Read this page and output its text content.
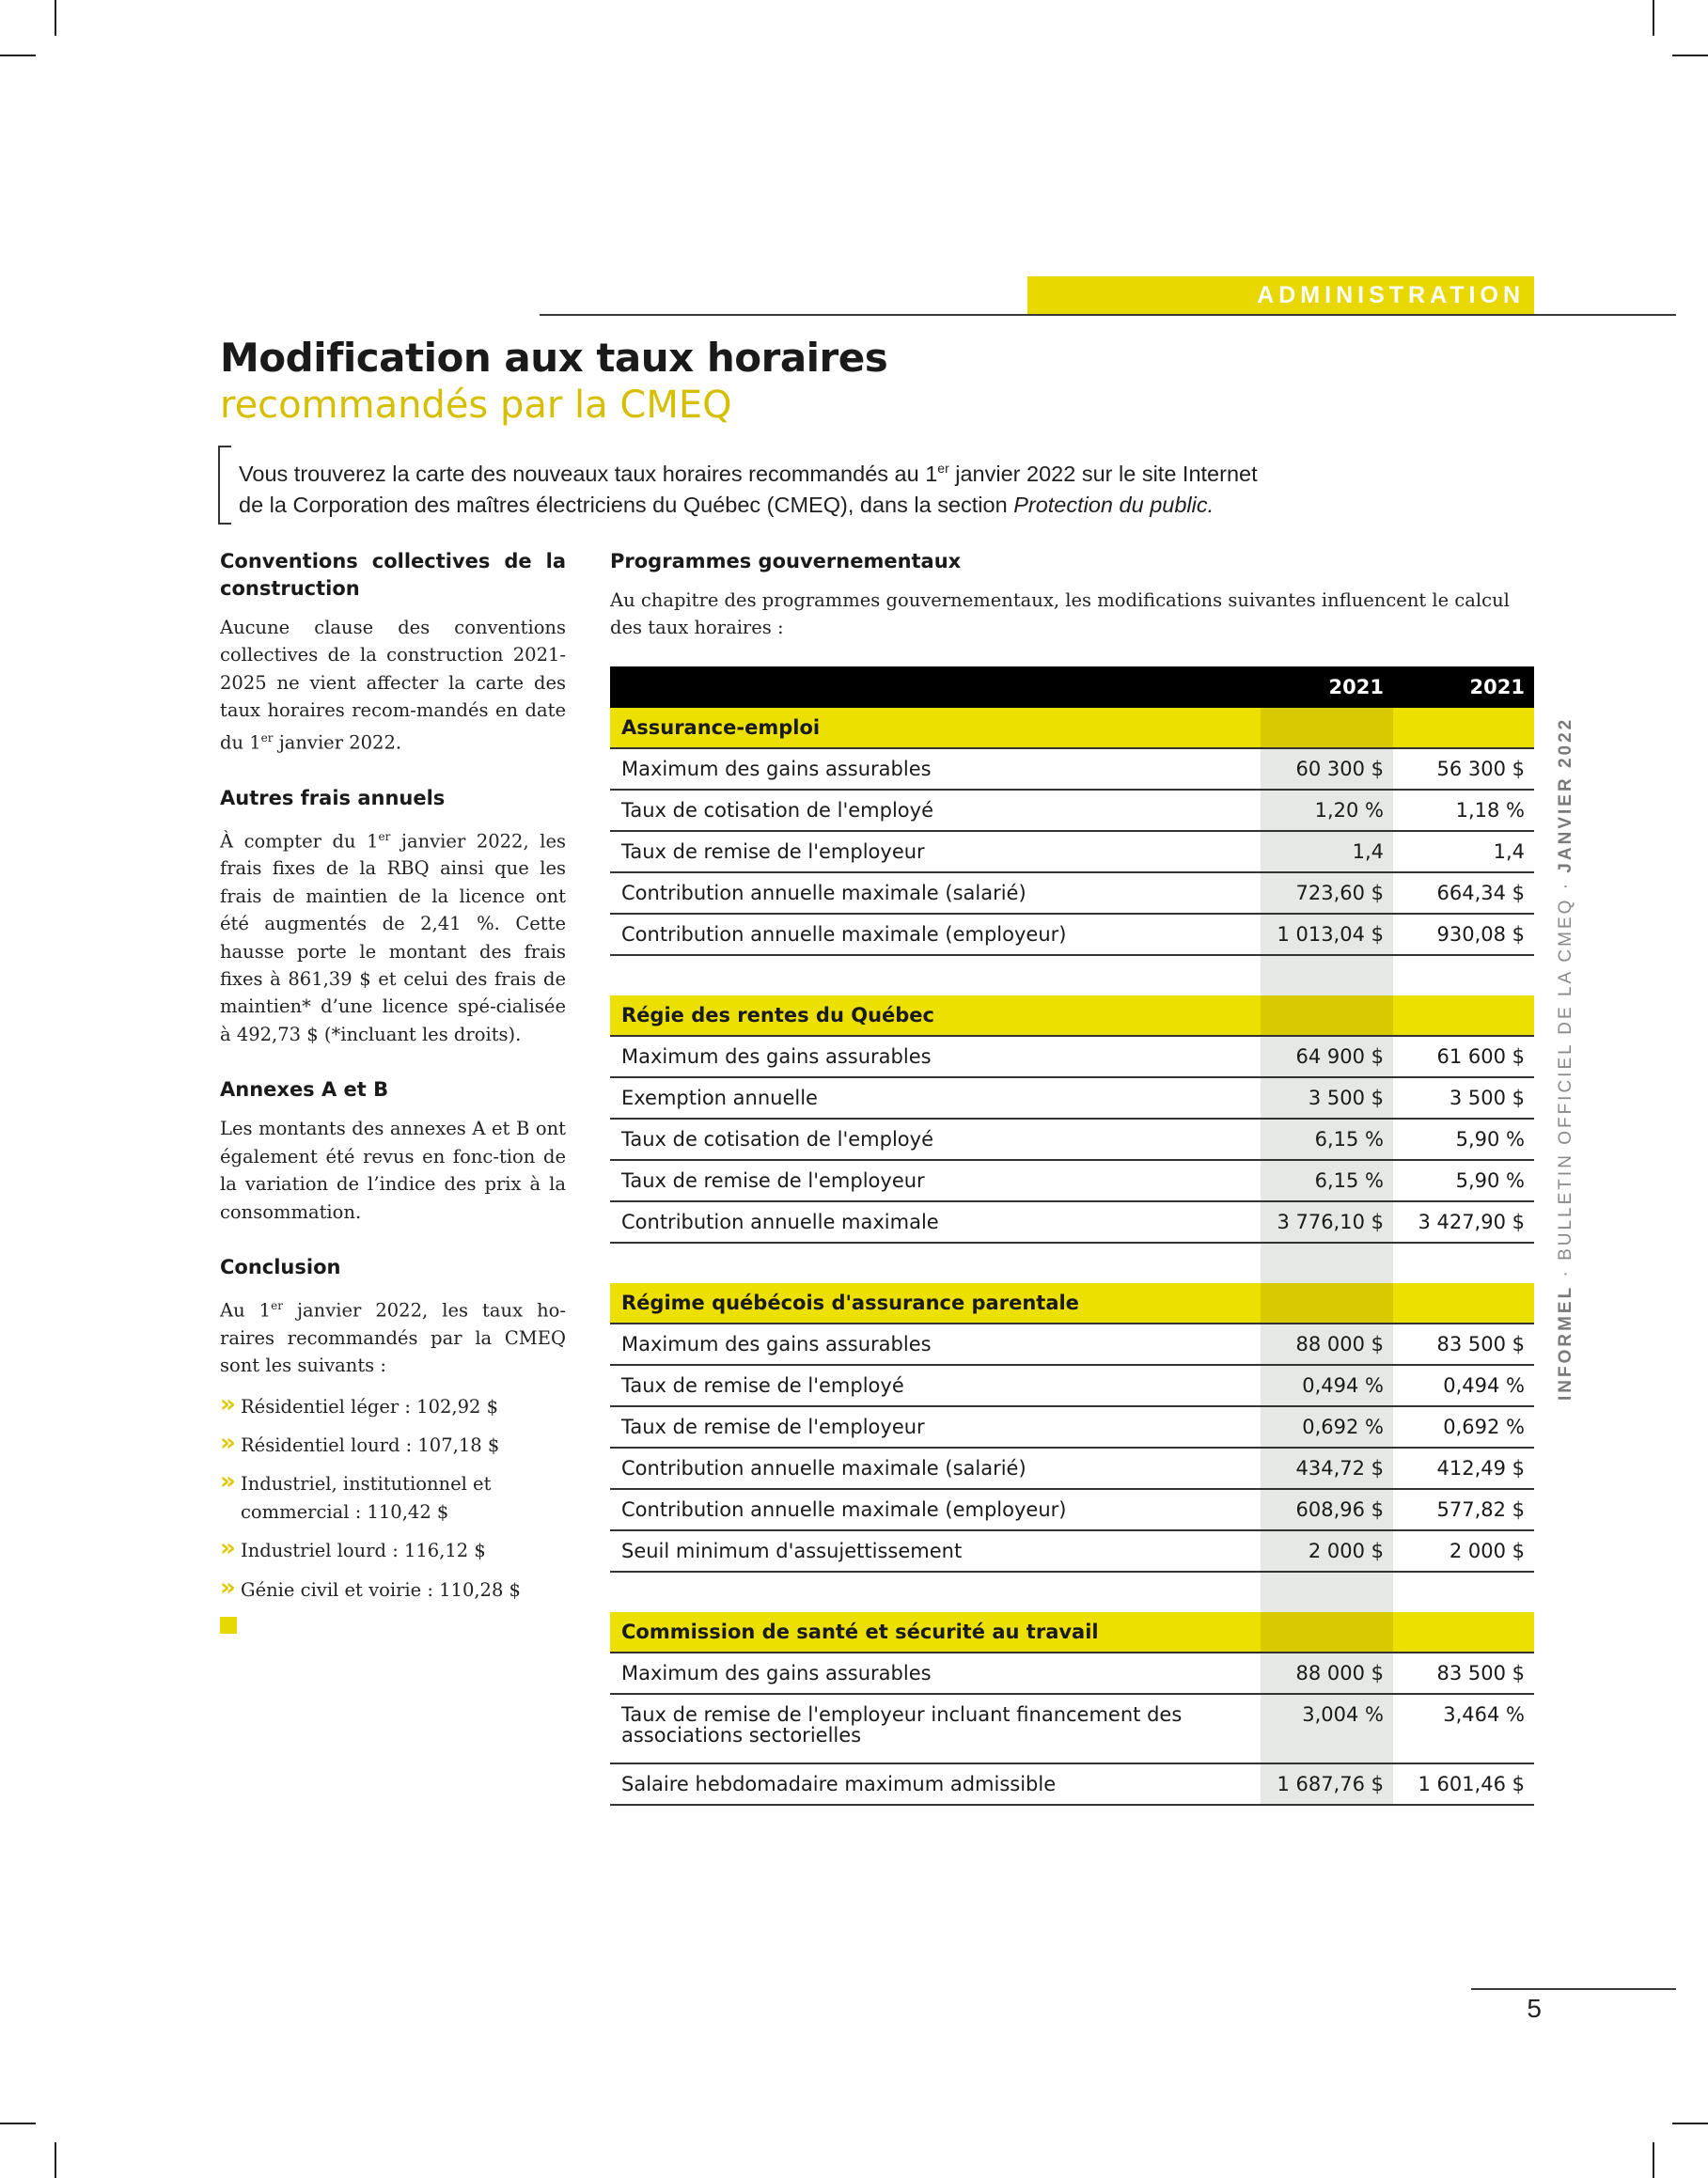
ADMINISTRATION
Modification aux taux horaires
recommandés par la CMEQ
Vous trouverez la carte des nouveaux taux horaires recommandés au 1er janvier 2022 sur le site Internet
de la Corporation des maîtres électriciens du Québec (CMEQ), dans la section Protection du public.
Conventions collectives de la construction

Aucune clause des conventions collectives de la construction 2021-2025 ne vient affecter la carte des taux horaires recom-mandés en date du 1er janvier 2022.

Autres frais annuels

À compter du 1er janvier 2022, les frais fixes de la RBQ ainsi que les frais de maintien de la licence ont été augmentés de 2,41 %. Cette hausse porte le montant des frais fixes à 861,39 $ et celui des frais de maintien* d’une licence spé-cialisée à 492,73 $ (*incluant les droits).

Annexes A et B

Les montants des annexes A et B ont également été revus en fonc-tion de la variation de l’indice des prix à la consommation.

Conclusion

Au 1er janvier 2022, les taux ho-raires recommandés par la CMEQ sont les suivants :

» Résidentiel léger : 102,92 $
» Résidentiel lourd : 107,18 $
» Industriel, institutionnel et commercial : 110,42 $
» Industriel lourd : 116,12 $
» Génie civil et voirie : 110,28 $
Programmes gouvernementaux

Au chapitre des programmes gouvernementaux, les modifications suivantes influencent le calcul des taux horaires :

	2021	2021
Assurance-emploi		
Maximum des gains assurables	60 300 $	56 300 $
Taux de cotisation de l'employé	1,20 %	1,18 %
Taux de remise de l'employeur	1,4	1,4
Contribution annuelle maximale (salarié)	723,60 $	664,34 $
Contribution annuelle maximale (employeur)	1 013,04 $	930,08 $

Régie des rentes du Québec		
Maximum des gains assurables	64 900 $	61 600 $
Exemption annuelle	3 500 $	3 500 $
Taux de cotisation de l'employé	6,15 %	5,90 %
Taux de remise de l'employeur	6,15 %	5,90 %
Contribution annuelle maximale	3 776,10 $	3 427,90 $

Régime québécois d'assurance parentale		
Maximum des gains assurables	88 000 $	83 500 $
Taux de remise de l'employé	0,494 %	0,494 %
Taux de remise de l'employeur	0,692 %	0,692 %
Contribution annuelle maximale (salarié)	434,72 $	412,49 $
Contribution annuelle maximale (employeur)	608,96 $	577,82 $
Seuil minimum d'assujettissement	2 000 $	2 000 $

Commission de santé et sécurité au travail		
Maximum des gains assurables	88 000 $	83 500 $
Taux de remise de l'employeur incluant financement des associations sectorielles	3,004 %	3,464 %
Salaire hebdomadaire maximum admissible	1 687,76 $	1 601,46 $
INFORMEL · BULLETIN OFFICIEL DE LA CMEQ · JANVIER 2022
5
